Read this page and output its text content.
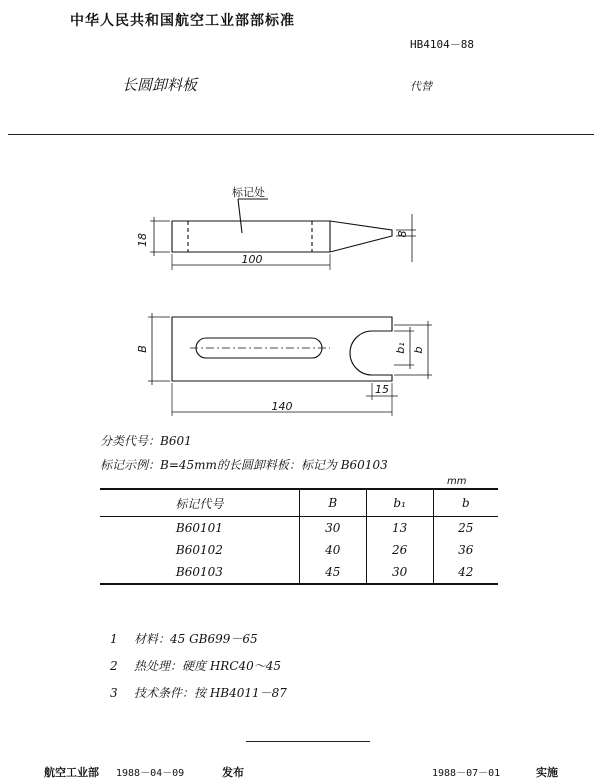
中华人民共和国航空工业部部标准
HB4104－88
长圆卸料板	代替
标记处
18	8
100
B	b₁ b
15
140
分类代号：B601
标记示例：B=45mm的长圆卸料板：标记为 B60103
mm
标记代号	B	b₁	b
B60101	30	13	25
B60102	40	26	36
B60103	45	30	42
1 材料：45 GB699－65
2 热处理：硬度 HRC40～45
3 技术条件：按 HB4011－87
航空工业部 1988－04－09	发布	1988－07－01	实施
